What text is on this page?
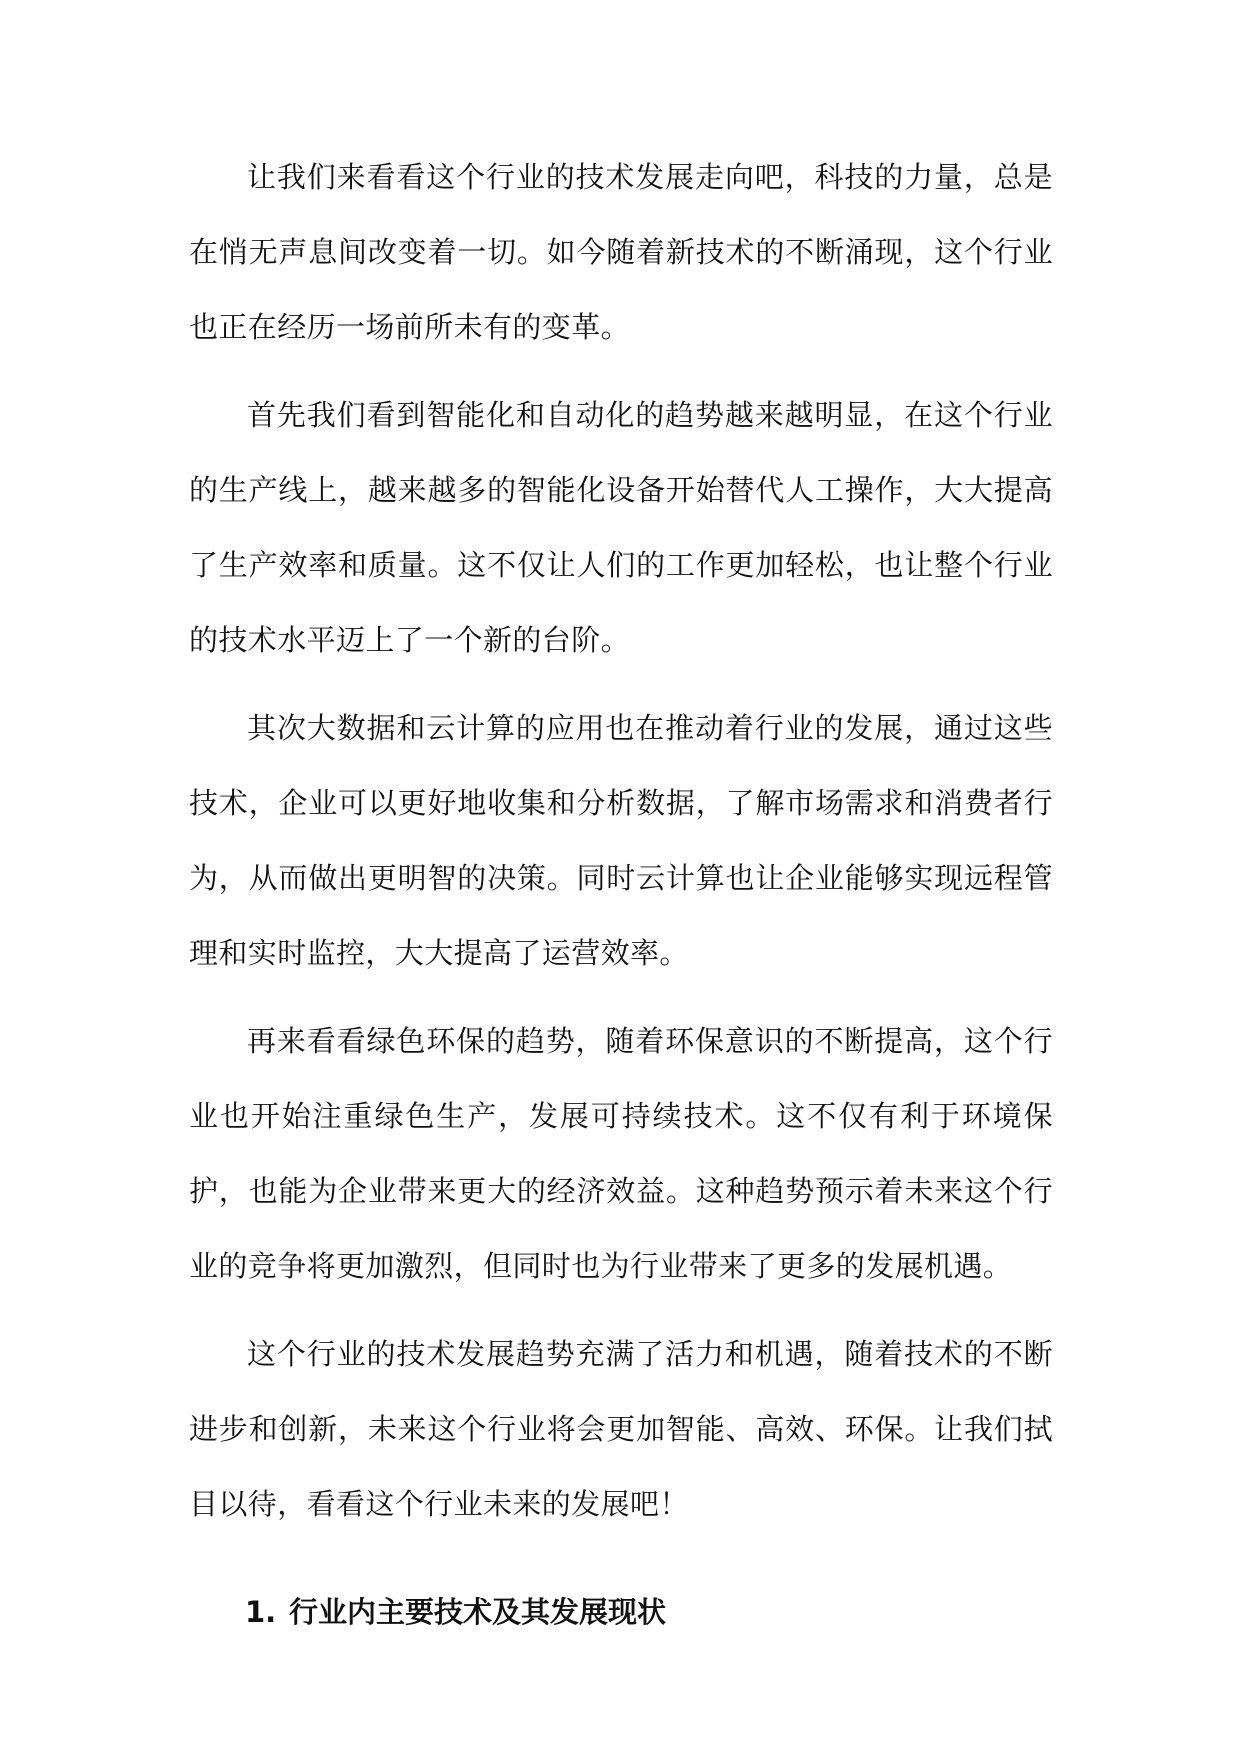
让我们来看看这个行业的技术发展走向吧，科技的力量，总是在悄无声息间改变着一切。如今随着新技术的不断涌现，这个行业也正在经历一场前所未有的变革。

首先我们看到智能化和自动化的趋势越来越明显，在这个行业的生产线上，越来越多的智能化设备开始替代人工操作，大大提高了生产效率和质量。这不仅让人们的工作更加轻松，也让整个行业的技术水平迈上了一个新的台阶。

其次大数据和云计算的应用也在推动着行业的发展，通过这些技术，企业可以更好地收集和分析数据，了解市场需求和消费者行为，从而做出更明智的决策。同时云计算也让企业能够实现远程管理和实时监控，大大提高了运营效率。

再来看看绿色环保的趋势，随着环保意识的不断提高，这个行业也开始注重绿色生产，发展可持续技术。这不仅有利于环境保护，也能为企业带来更大的经济效益。这种趋势预示着未来这个行业的竞争将更加激烈，但同时也为行业带来了更多的发展机遇。

这个行业的技术发展趋势充满了活力和机遇，随着技术的不断进步和创新，未来这个行业将会更加智能、高效、环保。让我们拭目以待，看看这个行业未来的发展吧！

1. 行业内主要技术及其发展现状
